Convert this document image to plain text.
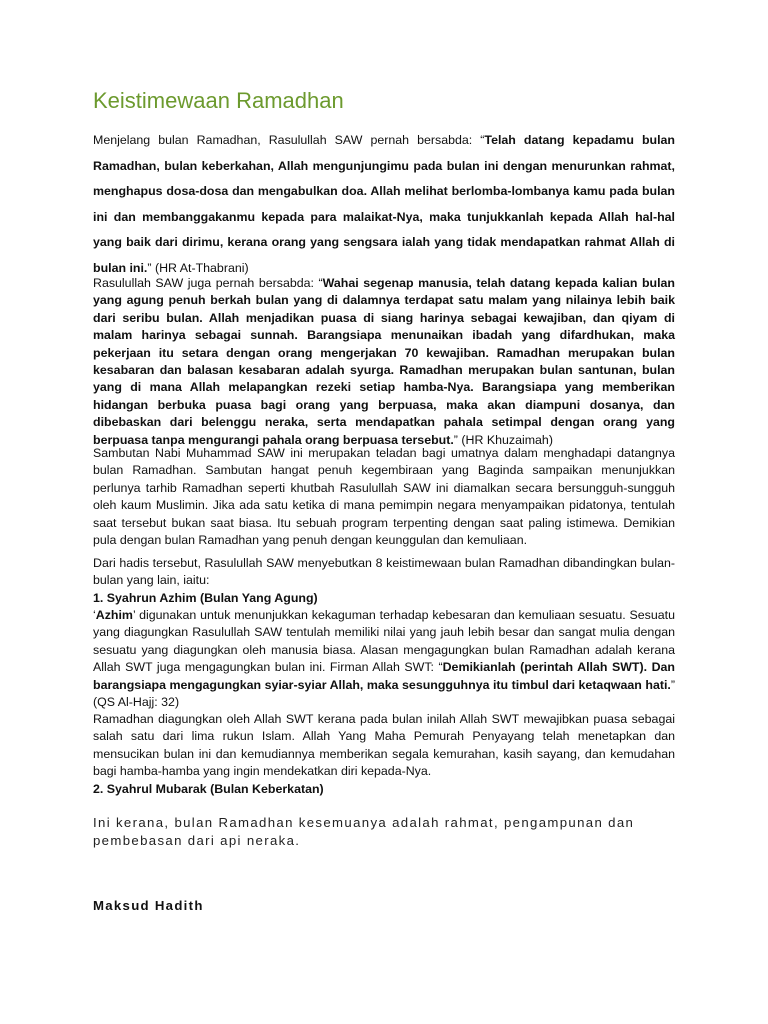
Keistimewaan Ramadhan

Menjelang bulan Ramadhan, Rasulullah SAW pernah bersabda: “Telah datang kepadamu bulan Ramadhan, bulan keberkahan, Allah mengunjungimu pada bulan ini dengan menurunkan rahmat, menghapus dosa-dosa dan mengabulkan doa. Allah melihat berlomba-lombanya kamu pada bulan ini dan membanggakanmu kepada para malaikat-Nya, maka tunjukkanlah kepada Allah hal-hal yang baik dari dirimu, kerana orang yang sengsara ialah yang tidak mendapatkan rahmat Allah di bulan ini.” (HR At-Thabrani)

Rasulullah SAW juga pernah bersabda: “Wahai segenap manusia, telah datang kepada kalian bulan yang agung penuh berkah bulan yang di dalamnya terdapat satu malam yang nilainya lebih baik dari seribu bulan. Allah menjadikan puasa di siang harinya sebagai kewajiban, dan qiyam di malam harinya sebagai sunnah. Barangsiapa menunaikan ibadah yang difardhukan, maka pekerjaan itu setara dengan orang mengerjakan 70 kewajiban. Ramadhan merupakan bulan kesabaran dan balasan kesabaran adalah syurga. Ramadhan merupakan bulan santunan, bulan yang di mana Allah melapangkan rezeki setiap hamba-Nya. Barangsiapa yang memberikan hidangan berbuka puasa bagi orang yang berpuasa, maka akan diampuni dosanya, dan dibebaskan dari belenggu neraka, serta mendapatkan pahala setimpal dengan orang yang berpuasa tanpa mengurangi pahala orang berpuasa tersebut.” (HR Khuzaimah)

Sambutan Nabi Muhammad SAW ini merupakan teladan bagi umatnya dalam menghadapi datangnya bulan Ramadhan. Sambutan hangat penuh kegembiraan yang Baginda sampaikan menunjukkan perlunya tarhib Ramadhan seperti khutbah Rasulullah SAW ini diamalkan secara bersungguh-sungguh oleh kaum Muslimin. Jika ada satu ketika di mana pemimpin negara menyampaikan pidatonya, tentulah saat tersebut bukan saat biasa. Itu sebuah program terpenting dengan saat paling istimewa. Demikian pula dengan bulan Ramadhan yang penuh dengan keunggulan dan kemuliaan.

Dari hadis tersebut, Rasulullah SAW menyebutkan 8 keistimewaan bulan Ramadhan dibandingkan bulan-bulan yang lain, iaitu:

1. Syahrun Azhim (Bulan Yang Agung)

‘Azhim’ digunakan untuk menunjukkan kekaguman terhadap kebesaran dan kemuliaan sesuatu. Sesuatu yang diagungkan Rasulullah SAW tentulah memiliki nilai yang jauh lebih besar dan sangat mulia dengan sesuatu yang diagungkan oleh manusia biasa. Alasan mengagungkan bulan Ramadhan adalah kerana Allah SWT juga mengagungkan bulan ini. Firman Allah SWT: “Demikianlah (perintah Allah SWT). Dan barangsiapa mengagungkan syiar-syiar Allah, maka sesungguhnya itu timbul dari ketaqwaan hati.” (QS Al-Hajj: 32)

Ramadhan diagungkan oleh Allah SWT kerana pada bulan inilah Allah SWT mewajibkan puasa sebagai salah satu dari lima rukun Islam. Allah Yang Maha Pemurah Penyayang telah menetapkan dan mensucikan bulan ini dan kemudiannya memberikan segala kemurahan, kasih sayang, dan kemudahan bagi hamba-hamba yang ingin mendekatkan diri kepada-Nya.

2. Syahrul Mubarak (Bulan Keberkatan)

Ini kerana, bulan Ramadhan kesemuanya adalah rahmat, pengampunan dan pembebasan dari api neraka.

Maksud Hadith
